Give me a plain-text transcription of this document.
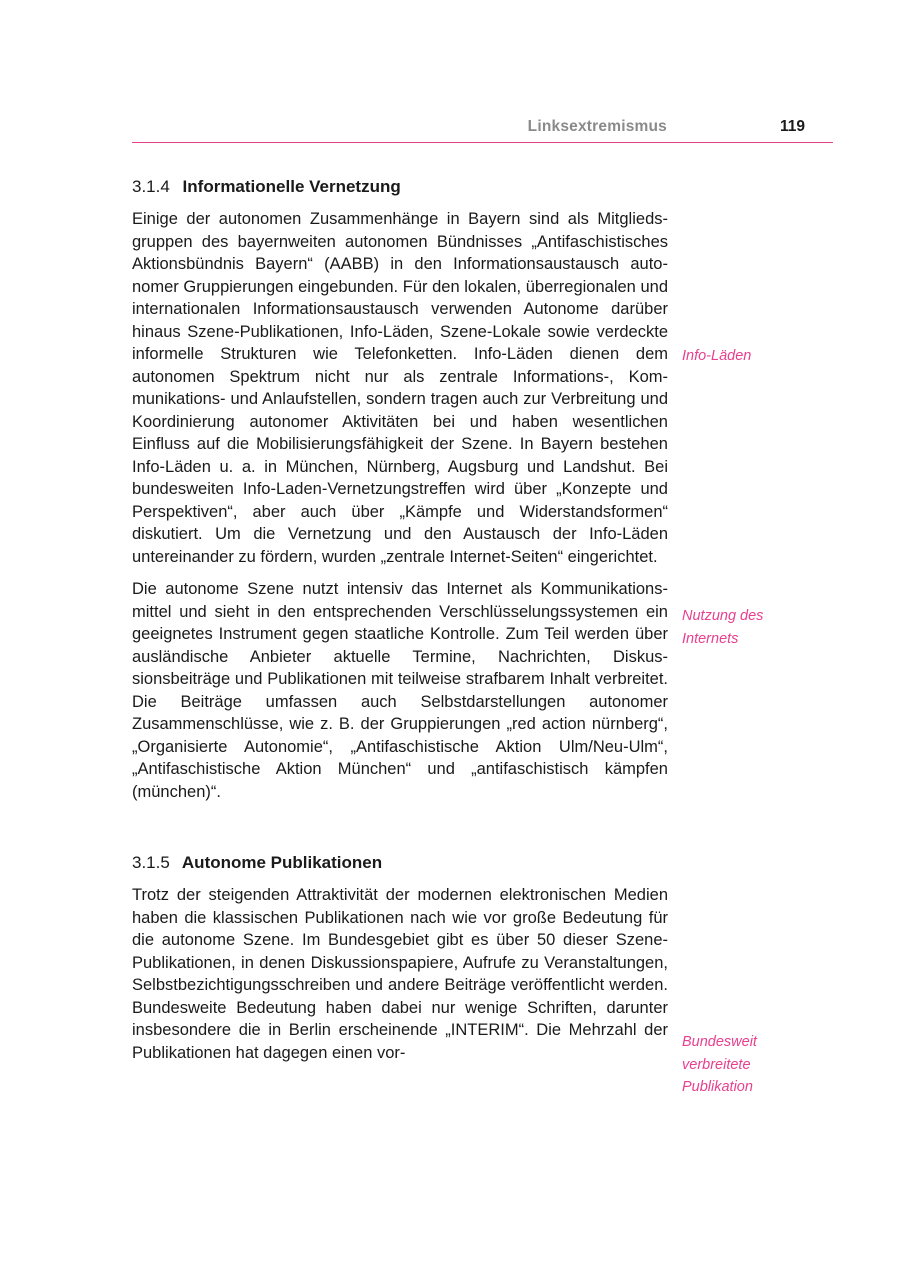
Linksextremismus	119
3.1.4 Informationelle Vernetzung

Einige der autonomen Zusammenhänge in Bayern sind als Mitgliedsgruppen des bayernweiten autonomen Bündnisses „Antifaschistisches Aktionsbündnis Bayern“ (AABB) in den Informationsaustausch autonomer Gruppierungen eingebunden. Für den lokalen, überregionalen und internationalen Informationsaustausch verwenden Autonome darüber hinaus Szene-Publikationen, Info-Läden, Szene-Lokale sowie verdeckte informelle Strukturen wie Telefonketten. Info-Läden dienen dem autonomen Spektrum nicht nur als zentrale Informations-, Kommunikations- und Anlaufstellen, sondern tragen auch zur Verbreitung und Koordinierung autonomer Aktivitäten bei und haben wesentlichen Einfluss auf die Mobilisierungsfähigkeit der Szene. In Bayern bestehen Info-Läden u. a. in München, Nürnberg, Augsburg und Landshut. Bei bundesweiten Info-Laden-Vernetzungstreffen wird über „Konzepte und Perspektiven“, aber auch über „Kämpfe und Widerstandsformen“ diskutiert. Um die Vernetzung und den Austausch der Info-Läden untereinander zu fördern, wurden „zentrale Internet-Seiten“ eingerichtet.

Die autonome Szene nutzt intensiv das Internet als Kommunikationsmittel und sieht in den entsprechenden Verschlüsselungssystemen ein geeignetes Instrument gegen staatliche Kontrolle. Zum Teil werden über ausländische Anbieter aktuelle Termine, Nachrichten, Diskussionsbeiträge und Publikationen mit teilweise strafbarem Inhalt verbreitet. Die Beiträge umfassen auch Selbstdarstellungen autonomer Zusammenschlüsse, wie z. B. der Gruppierungen „red action nürnberg“, „Organisierte Autonomie“, „Antifaschistische Aktion Ulm/Neu-Ulm“, „Antifaschistische Aktion München“ und „antifaschistisch kämpfen (münchen)“.

3.1.5 Autonome Publikationen

Trotz der steigenden Attraktivität der modernen elektronischen Medien haben die klassischen Publikationen nach wie vor große Bedeutung für die autonome Szene. Im Bundesgebiet gibt es über 50 dieser Szene-Publikationen, in denen Diskussionspapiere, Aufrufe zu Veranstaltungen, Selbstbezichtigungsschreiben und andere Beiträge veröffentlicht werden. Bundesweite Bedeutung haben dabei nur wenige Schriften, darunter insbesondere die in Berlin erscheinende „INTERIM“. Die Mehrzahl der Publikationen hat dagegen einen vor-

Info-Läden
Nutzung des
Internets
Bundesweit
verbreitete
Publikation
